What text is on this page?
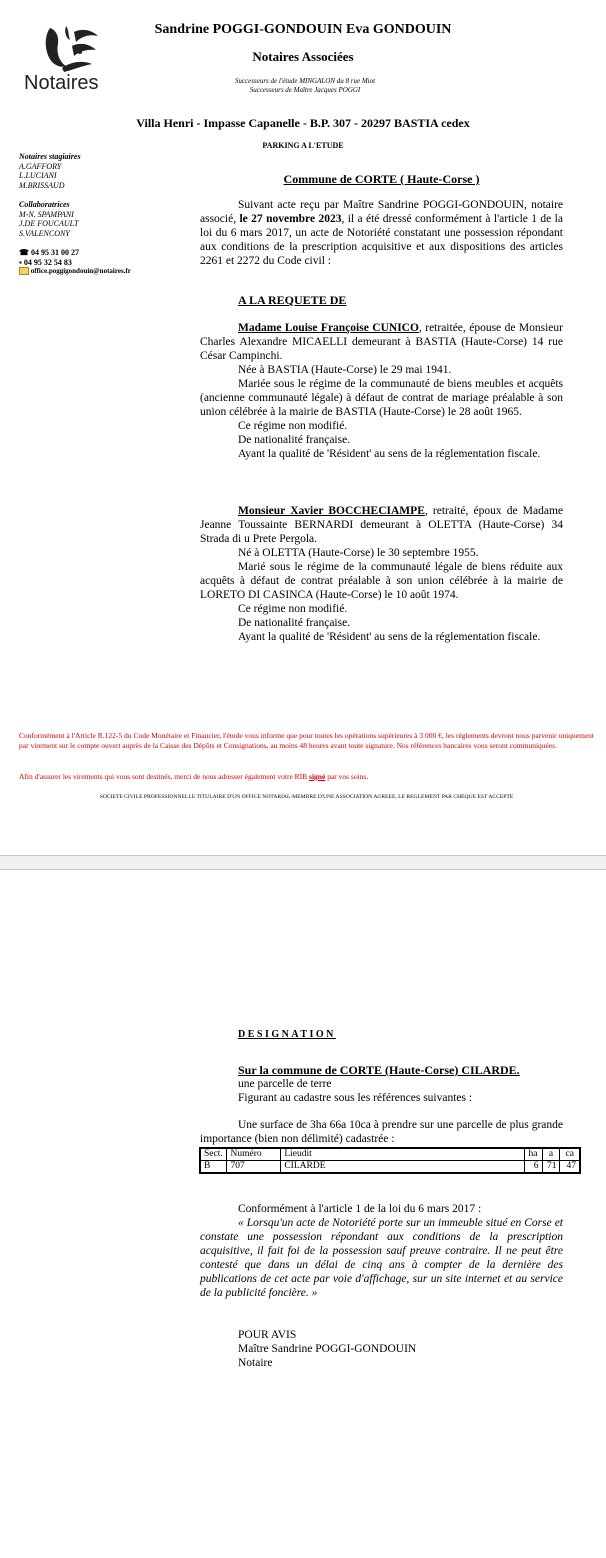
Notaires
Sandrine POGGI-GONDOUIN Eva GONDOUIN
Notaires Associées
Successeurs de l'étude MINGALON du 8 rue Miot
Successeurs de Maître Jacques POGGI
Villa Henri - Impasse Capanelle - B.P. 307 - 20297 BASTIA cedex
PARKING A L'ETUDE
Notaires stagiaires
A.GAFFORY
L.LUCIANI
M.BRISSAUD
Collaboratrices
M-N. SPAMPANI
J.DE FOUCAULT
S.VALENCONY
☎ 04 95 31 00 27
▪ 04 95 32 54 83
office.poggigondouin@notaires.fr
Commune de CORTE ( Haute-Corse )
Suivant acte reçu par Maître Sandrine POGGI-GONDOUIN, notaire associé, le 27 novembre 2023, il a été dressé conformément à l'article 1 de la loi du 6 mars 2017, un acte de Notoriété constatant une possession répondant aux conditions de la prescription acquisitive et aux dispositions des articles 2261 et 2272 du Code civil :
A LA REQUETE DE
Madame Louise Françoise CUNICO, retraitée, épouse de Monsieur Charles Alexandre MICAELLI demeurant à BASTIA (Haute-Corse) 14 rue César Campinchi.
Née à BASTIA (Haute-Corse) le 29 mai 1941.
Mariée sous le régime de la communauté de biens meubles et acquêts (ancienne communauté légale) à défaut de contrat de mariage préalable à son union célébrée à la mairie de BASTIA (Haute-Corse) le 28 août 1965.
Ce régime non modifié.
De nationalité française.
Ayant la qualité de 'Résident' au sens de la réglementation fiscale.
Monsieur Xavier BOCCHECIAMPE, retraité, époux de Madame Jeanne Toussainte BERNARDI demeurant à OLETTA (Haute-Corse) 34 Strada di u Prete Pergola.
Né à OLETTA (Haute-Corse) le 30 septembre 1955.
Marié sous le régime de la communauté légale de biens réduite aux acquêts à défaut de contrat préalable à son union célébrée à la mairie de LORETO DI CASINCA (Haute-Corse) le 10 août 1974.
Ce régime non modifié.
De nationalité française.
Ayant la qualité de 'Résident' au sens de la réglementation fiscale.
Conformément à l'Article R.122-5 du Code Monétaire et Financier, l'étude vous informe que pour toutes les opérations supérieures à 3 000 €, les règlements devront nous parvenir uniquement par virement sur le compte ouvert auprès de la Caisse des Dépôts et Consignations, au moins 48 heures avant toute signature. Nos références bancaires vous seront communiquées.
Afin d'assurer les virements qui vous sont destinés, merci de nous adresser également votre RIB signé par vos soins.
SOCIETE CIVILE PROFESSIONNELLE TITULAIRE D'UN OFFICE NOTARIAL-MEMBRE D'UNE ASSOCIATION AGREEE, LE REGLEMENT PAR CHEQUE EST ACCEPTE
DESIGNATION
Sur la commune de CORTE (Haute-Corse) CILARDE.
une parcelle de terre
Figurant au cadastre sous les références suivantes :
Une surface de 3ha 66a 10ca à prendre sur une parcelle de plus grande importance (bien non délimité) cadastrée :
Sect.	Numéro	Lieudit	ha	a	ca
B	707	CILARDE	6	71	47
Conformément à l'article 1 de la loi du 6 mars 2017 :
« Lorsqu'un acte de Notoriété porte sur un immeuble situé en Corse et constate une possession répondant aux conditions de la prescription acquisitive, il fait foi de la possession sauf preuve contraire. Il ne peut être contesté que dans un délai de cinq ans à compter de la dernière des publications de cet acte par voie d'affichage, sur un site internet et au service de la publicité foncière. »
POUR AVIS
Maître Sandrine POGGI-GONDOUIN
Notaire
